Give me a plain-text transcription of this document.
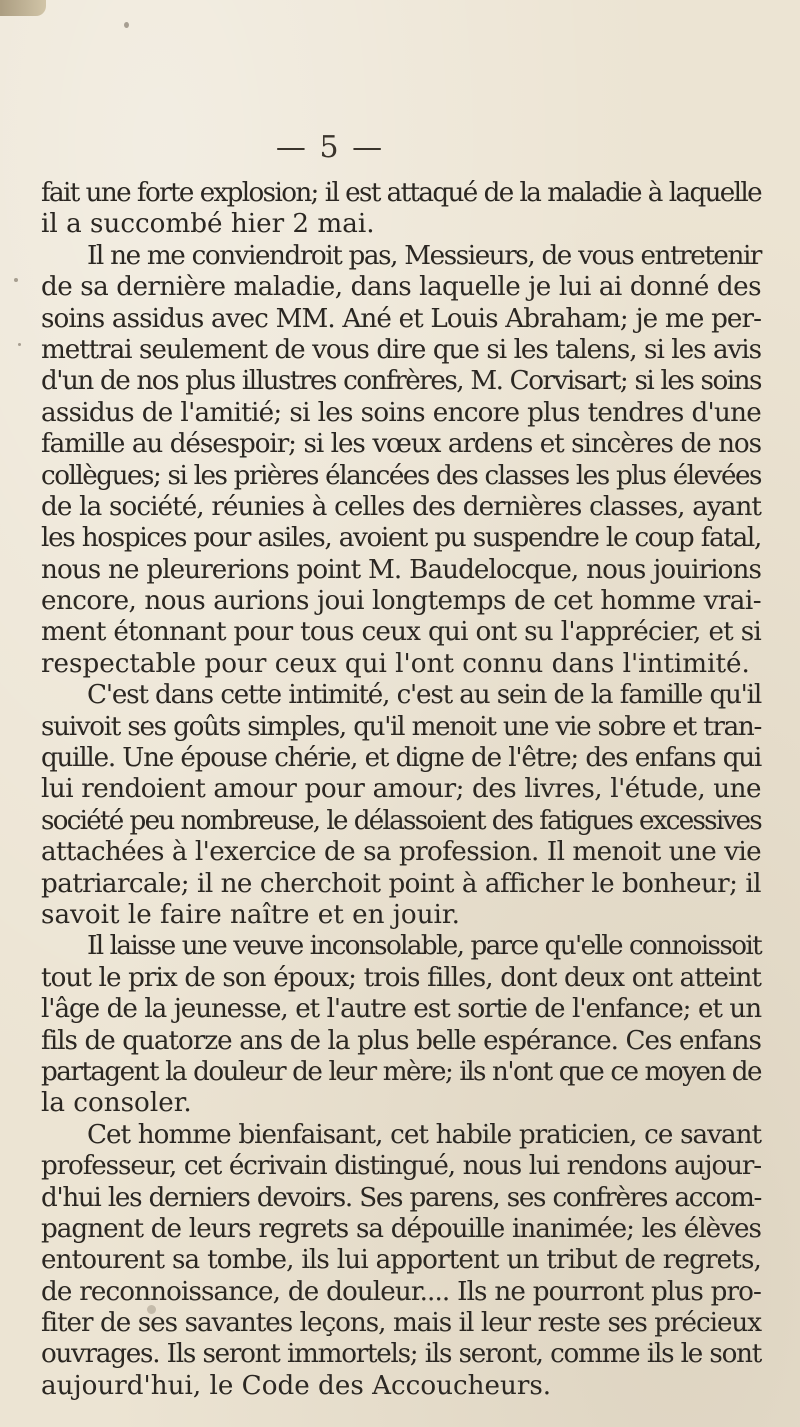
— 5 —
fait une forte explosion; il est attaqué de la maladie à laquelle
il a succombé hier 2 mai.
Il ne me conviendroit pas, Messieurs, de vous entretenir
de sa dernière maladie, dans laquelle je lui ai donné des
soins assidus avec MM. Ané et Louis Abraham; je me per-
mettrai seulement de vous dire que si les talens, si les avis
d'un de nos plus illustres confrères, M. Corvisart; si les soins
assidus de l'amitié; si les soins encore plus tendres d'une
famille au désespoir; si les vœux ardens et sincères de nos
collègues; si les prières élancées des classes les plus élevées
de la société, réunies à celles des dernières classes, ayant
les hospices pour asiles, avoient pu suspendre le coup fatal,
nous ne pleurerions point M. Baudelocque, nous jouirions
encore, nous aurions joui longtemps de cet homme vrai-
ment étonnant pour tous ceux qui ont su l'apprécier, et si
respectable pour ceux qui l'ont connu dans l'intimité.
C'est dans cette intimité, c'est au sein de la famille qu'il
suivoit ses goûts simples, qu'il menoit une vie sobre et tran-
quille. Une épouse chérie, et digne de l'être; des enfans qui
lui rendoient amour pour amour; des livres, l'étude, une
société peu nombreuse, le délassoient des fatigues excessives
attachées à l'exercice de sa profession. Il menoit une vie
patriarcale; il ne cherchoit point à afficher le bonheur; il
savoit le faire naître et en jouir.
Il laisse une veuve inconsolable, parce qu'elle connoissoit
tout le prix de son époux; trois filles, dont deux ont atteint
l'âge de la jeunesse, et l'autre est sortie de l'enfance; et un
fils de quatorze ans de la plus belle espérance. Ces enfans
partagent la douleur de leur mère; ils n'ont que ce moyen de
la consoler.
Cet homme bienfaisant, cet habile praticien, ce savant
professeur, cet écrivain distingué, nous lui rendons aujour-
d'hui les derniers devoirs. Ses parens, ses confrères accom-
pagnent de leurs regrets sa dépouille inanimée; les élèves
entourent sa tombe, ils lui apportent un tribut de regrets,
de reconnoissance, de douleur.... Ils ne pourront plus pro-
fiter de ses savantes leçons, mais il leur reste ses précieux
ouvrages. Ils seront immortels; ils seront, comme ils le sont
aujourd'hui, le Code des Accoucheurs.
